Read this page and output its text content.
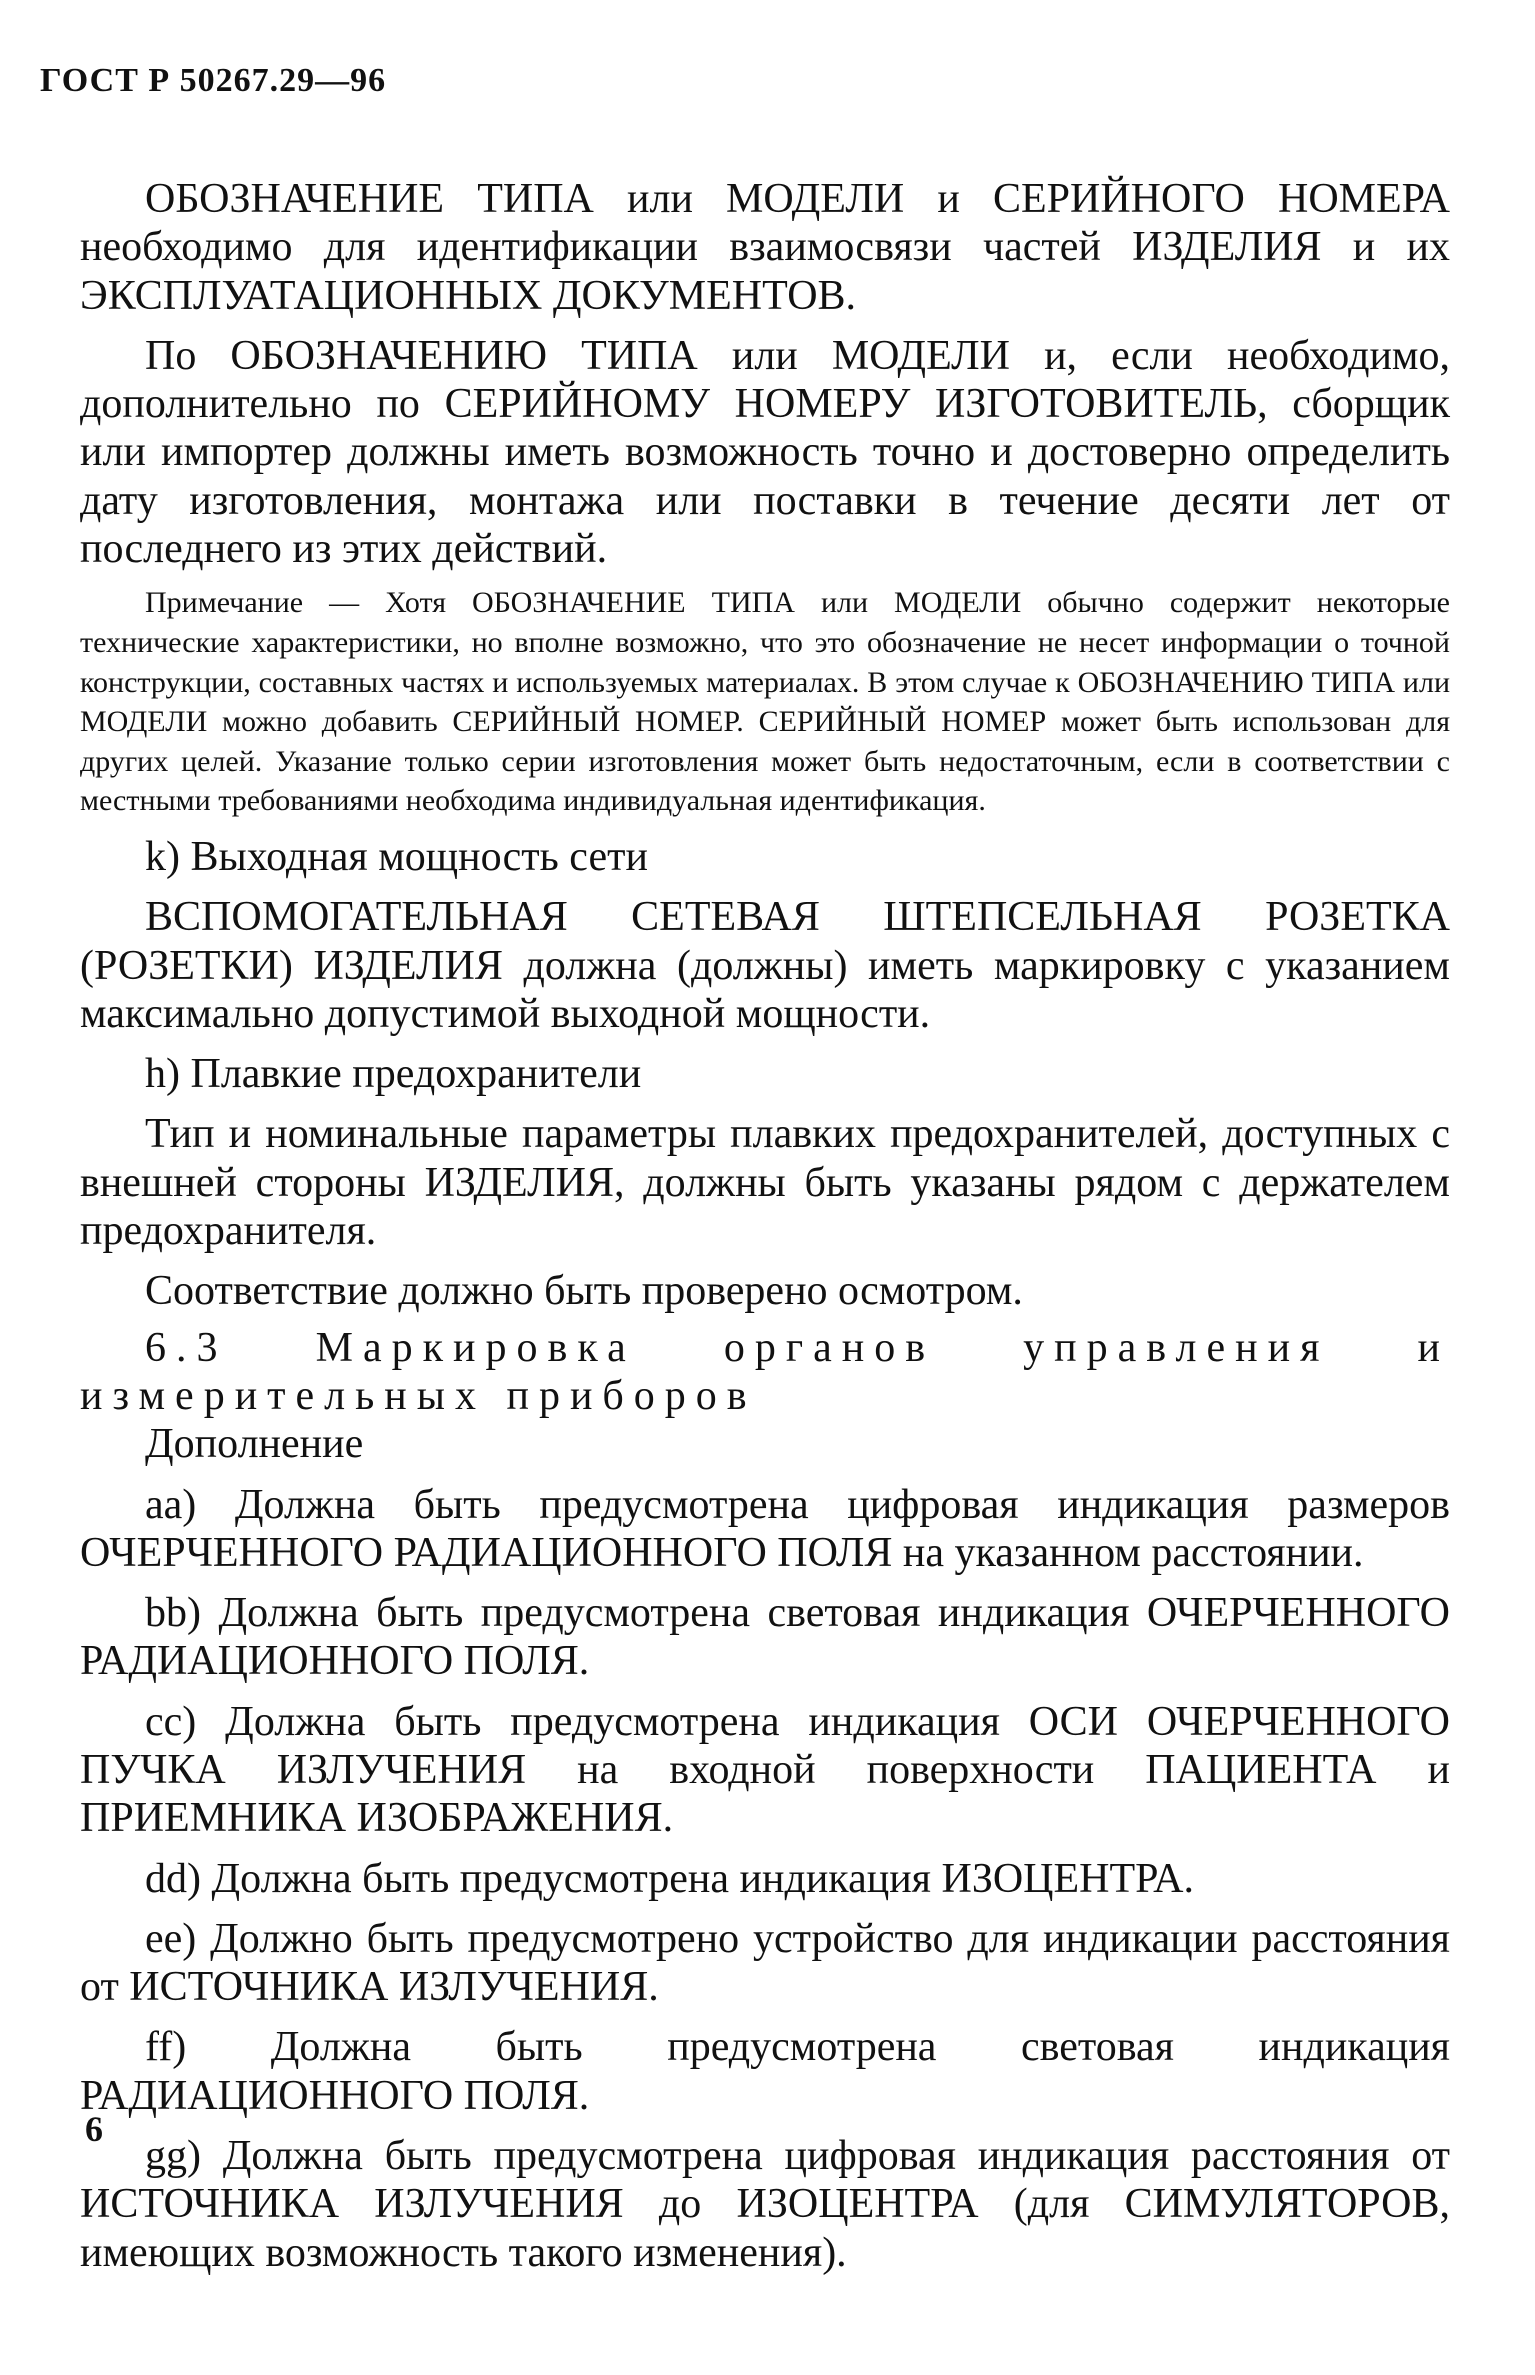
ГОСТ Р 50267.29—96

ОБОЗНАЧЕНИЕ ТИПА или МОДЕЛИ и СЕРИЙНОГО НОМЕРА необходимо для идентификации взаимосвязи частей ИЗДЕЛИЯ и их ЭКСПЛУАТАЦИОННЫХ ДОКУМЕНТОВ.

По ОБОЗНАЧЕНИЮ ТИПА или МОДЕЛИ и, если необходимо, дополнительно по СЕРИЙНОМУ НОМЕРУ ИЗГОТОВИТЕЛЬ, сборщик или импортер должны иметь возможность точно и достоверно определить дату изготовления, монтажа или поставки в течение десяти лет от последнего из этих действий.

Примечание — Хотя ОБОЗНАЧЕНИЕ ТИПА или МОДЕЛИ обычно содержит некоторые технические характеристики, но вполне возможно, что это обозначение не несет информации о точной конструкции, составных частях и используемых материалах. В этом случае к ОБОЗНАЧЕНИЮ ТИПА или МОДЕЛИ можно добавить СЕРИЙНЫЙ НОМЕР. СЕРИЙНЫЙ НОМЕР может быть использован для других целей. Указание только серии изготовления может быть недостаточным, если в соответствии с местными требованиями необходима индивидуальная идентификация.

k) Выходная мощность сети

ВСПОМОГАТЕЛЬНАЯ СЕТЕВАЯ ШТЕПСЕЛЬНАЯ РОЗЕТКА (РОЗЕТКИ) ИЗДЕЛИЯ должна (должны) иметь маркировку с указанием максимально допустимой выходной мощности.

h) Плавкие предохранители

Тип и номинальные параметры плавких предохранителей, доступных с внешней стороны ИЗДЕЛИЯ, должны быть указаны рядом с держателем предохранителя.

Соответствие должно быть проверено осмотром.

6.3 Маркировка органов управления и измерительных приборов

Дополнение

aa) Должна быть предусмотрена цифровая индикация размеров ОЧЕРЧЕННОГО РАДИАЦИОННОГО ПОЛЯ на указанном расстоянии.

bb) Должна быть предусмотрена световая индикация ОЧЕРЧЕННОГО РАДИАЦИОННОГО ПОЛЯ.

cc) Должна быть предусмотрена индикация ОСИ ОЧЕРЧЕННОГО ПУЧКА ИЗЛУЧЕНИЯ на входной поверхности ПАЦИЕНТА и ПРИЕМНИКА ИЗОБРАЖЕНИЯ.

dd) Должна быть предусмотрена индикация ИЗОЦЕНТРА.

ee) Должно быть предусмотрено устройство для индикации расстояния от ИСТОЧНИКА ИЗЛУЧЕНИЯ.

ff) Должна быть предусмотрена световая индикация РАДИАЦИОННОГО ПОЛЯ.

gg) Должна быть предусмотрена цифровая индикация расстояния от ИСТОЧНИКА ИЗЛУЧЕНИЯ до ИЗОЦЕНТРА (для СИМУЛЯТОРОВ, имеющих возможность такого изменения).

6
